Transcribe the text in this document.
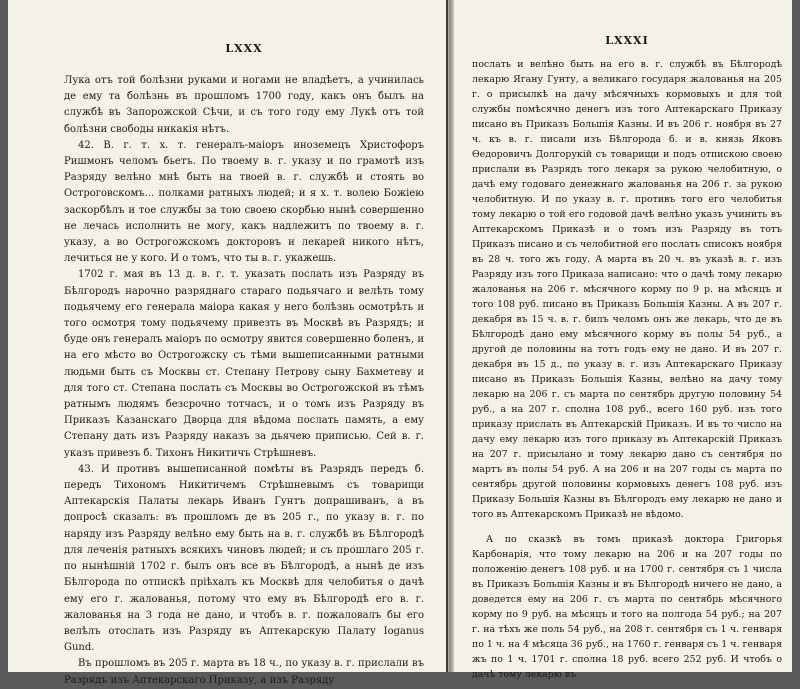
LXXX

Лука отъ той болѣзни руками и ногами не владѣетъ, а учинилась де ему та болѣзнь въ прошломъ 1700 году, какъ онъ былъ на службѣ въ Запорожской Сѣчи, и съ того году ему Лукѣ отъ той болѣзни свободы никакія нѣтъ.

42. В. г. т. х. т. генералъ-маіоръ иноземецъ Христофоръ Ришмонъ челомъ бьетъ. По твоему в. г. указу и по грамотѣ изъ Разряду велѣно мнѣ быть на твоей в. г. службѣ и стоять во Остроговскомъ... полками ратныхъ людей; и я х. т. волею Божіею заскорбѣлъ и тое службы за тою своею скорбью нынѣ совершенно не лечась исполнить не могу, какъ надлежитъ по твоему в. г. указу, а во Острогожскомъ докторовъ и лекарей никого нѣтъ, лечиться не у кого. И о томъ, что ты в. г. укажешь.

1702 г. мая въ 13 д. в. г. т. указать послать изъ Разряду въ Бѣлгородъ нарочно разряднаго стараго подьячаго и велѣть тому подьячему его генерала маіора какая у него болѣзнь осмотрѣть и того осмотря тому подьячему привезть въ Москвѣ въ Разрядъ; и буде онъ генералъ маіоръ по осмотру явится совершенно боленъ, и на его мѣсто во Острогожску съ тѣми вышеписанными ратными людьми быть съ Москвы ст. Степану Петрову сыну Бахметеву и для того ст. Степана послать съ Москвы во Острогожской въ тѣмъ ратнымъ людямъ безсрочно тотчасъ, и о томъ изъ Разряду въ Приказъ Казанскаго Дворца для вѣдома послать память, а ему Степану дать изъ Разряду наказъ за дьячею приписью. Сей в. г. указъ привезъ б. Тихонъ Никитичъ Стрѣшневъ.

43. И противъ вышеписанной помѣты въ Разрядъ передъ б. передъ Тихономъ Никитичемъ Стрѣшневымъ съ товарищи Аптекарскія Палаты лекарь Иванъ Гунтъ допрашиванъ, а въ допросѣ сказалъ: въ прошломъ де въ 205 г., по указу в. г. по наряду изъ Разряду велѣно ему быть на в. г. службѣ въ Бѣлгородѣ для леченія ратныхъ всякихъ чиновъ людей; и съ прошлаго 205 г. по нынѣшній 1702 г. былъ онъ все въ Бѣлгородѣ, а нынѣ де изъ Бѣлгорода по отпискѣ пріѣхалъ къ Москвѣ для челобитья о дачѣ ему его г. жалованья, потому что ему въ Бѣлгородѣ его в. г. жалованья на 3 года не дано, и чтобъ в. г. пожаловалъ бы его велѣлъ отослать изъ Разряду въ Аптекарскую Палату Iоganus Gund.

Въ прошломъ въ 205 г. марта въ 18 ч., по указу в. г. прислали въ Разрядъ изъ Аптекарскаго Приказу, а изъ Разряду

LXXXI

послать и велѣно быть на его в. г. службѣ въ Бѣлгородѣ лекарю Ягану Гунту, а великаго государя жалованья на 205 г. о присылкѣ на дачу мѣсячныхъ кормовыхъ и для той службы помѣсячно денегъ изъ того Аптекарскаго Приказу писано въ Приказъ Большія Казны. И въ 206 г. ноября въ 27 ч. къ в. г. писали изъ Бѣлгорода б. и в. князь Яковъ Ѳедоровичъ Долгорукій съ товарищи и подъ отпискою своею прислали въ Разрядъ того лекаря за рукою челобитную, о дачѣ ему годоваго денежнаго жалованья на 206 г. за рукою челобитную. И по указу в. г. противъ того его челобитья тому лекарю о той его годовой дачѣ велѣно указъ учинить въ Аптекарскомъ Приказѣ и о томъ изъ Разряду въ тотъ Приказъ писано и съ челобитной его послать списокъ ноября въ 28 ч. того жъ году. А марта въ 20 ч. въ указѣ в. г. изъ Разряду изъ того Приказа написано: что о дачѣ тому лекарю жалованья на 206 г. мѣсячного корму по 9 р. на мѣсяцъ и того 108 руб. писано въ Приказъ Большія Казны. А въ 207 г. декабря въ 15 ч. в. г. билъ челомъ онъ же лекарь, что де въ Бѣлгородѣ дано ему мѣсячного корму въ полы 54 руб., а другой де половины на тотъ годъ ему не дано. И въ 207 г. декабря въ 15 д., по указу в. г. изъ Аптекарскаго Приказу писано въ Приказъ Большія Казны, велѣно на дачу тому лекарю на 206 г. съ марта по сентябрь другую половину 54 руб., а на 207 г. сполна 108 руб., всего 160 руб. изъ того приказу прислать въ Аптекарскій Приказъ. И въ то число на дачу ему лекарю изъ того приказу въ Аптекарскій Приказъ на 207 г. присылано и тому лекарю дано съ сентября по мартъ въ полы 54 руб. А на 206 и на 207 годы съ марта по сентябрь другой половины кормовыхъ денегъ 108 руб. изъ Приказу Большія Казны въ Бѣлгородъ ему лекарю не дано и того въ Аптекарскомъ Приказѣ не вѣдомо.

А по сказкѣ въ томъ приказѣ доктора Григорья Карбонарія, что тому лекарю на 206 и на 207 годы по положенію денегъ 108 руб. и на 1700 г. сентября съ 1 числа въ Приказъ Большія Казны и въ Бѣлгородѣ ничего не дано, а доведется ему на 206 г. съ марта по сентябрь мѣсячного корму по 9 руб. на мѣсяцъ и того на полгода 54 руб.; на 207 г. на тѣхъ же поль 54 руб., на 208 г. сентября съ 1 ч. генваря по 1 ч. на 4 мѣсяца 36 руб., на 1760 г. генваря съ 1 ч. генваря жъ по 1 ч. 1701 г. сполна 18 руб. всего 252 руб. И чтобъ о дачѣ тому лекарю въ
